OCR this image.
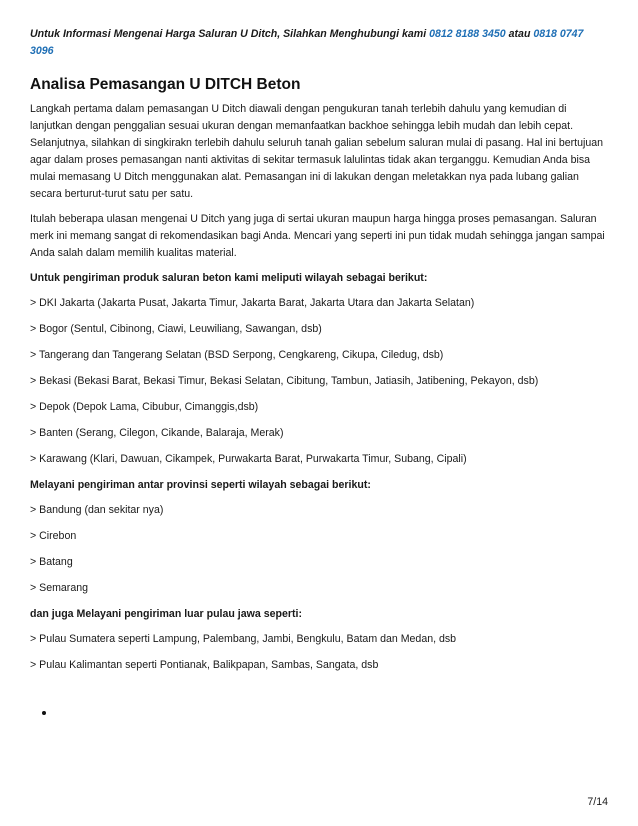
Untuk Informasi Mengenai Harga Saluran U Ditch, Silahkan Menghubungi kami 0812 8188 3450 atau 0818 0747 3096

Analisa Pemasangan U DITCH Beton

Langkah pertama dalam pemasangan U Ditch diawali dengan pengukuran tanah terlebih dahulu yang kemudian di lanjutkan dengan penggalian sesuai ukuran dengan memanfaatkan backhoe sehingga lebih mudah dan lebih cepat. Selanjutnya, silahkan di singkirakn terlebih dahulu seluruh tanah galian sebelum saluran mulai di pasang. Hal ini bertujuan agar dalam proses pemasangan nanti aktivitas di sekitar termasuk lalulintas tidak akan terganggu. Kemudian Anda bisa mulai memasang U Ditch menggunakan alat. Pemasangan ini di lakukan dengan meletakkan nya pada lubang galian secara berturut-turut satu per satu.

Itulah beberapa ulasan mengenai U Ditch yang juga di sertai ukuran maupun harga hingga proses pemasangan. Saluran merk ini memang sangat di rekomendasikan bagi Anda. Mencari yang seperti ini pun tidak mudah sehingga jangan sampai Anda salah dalam memilih kualitas material.

Untuk pengiriman produk saluran beton kami meliputi wilayah sebagai berikut:

> DKI Jakarta (Jakarta Pusat, Jakarta Timur, Jakarta Barat, Jakarta Utara dan Jakarta Selatan)
> Bogor (Sentul, Cibinong, Ciawi, Leuwiliang, Sawangan, dsb)
> Tangerang dan Tangerang Selatan (BSD Serpong, Cengkareng, Cikupa, Ciledug, dsb)
> Bekasi (Bekasi Barat, Bekasi Timur, Bekasi Selatan, Cibitung, Tambun, Jatiasih, Jatibening, Pekayon, dsb)
> Depok (Depok Lama, Cibubur, Cimanggis,dsb)
> Banten (Serang, Cilegon, Cikande, Balaraja, Merak)
> Karawang (Klari, Dawuan, Cikampek, Purwakarta Barat, Purwakarta Timur, Subang, Cipali)

Melayani pengiriman antar provinsi seperti wilayah sebagai berikut:

> Bandung (dan sekitar nya)
> Cirebon
> Batang
> Semarang

dan juga Melayani pengiriman luar pulau jawa seperti:

> Pulau Sumatera seperti Lampung, Palembang, Jambi, Bengkulu, Batam dan Medan, dsb
> Pulau Kalimantan seperti Pontianak, Balikpapan, Sambas, Sangata, dsb
7/14
